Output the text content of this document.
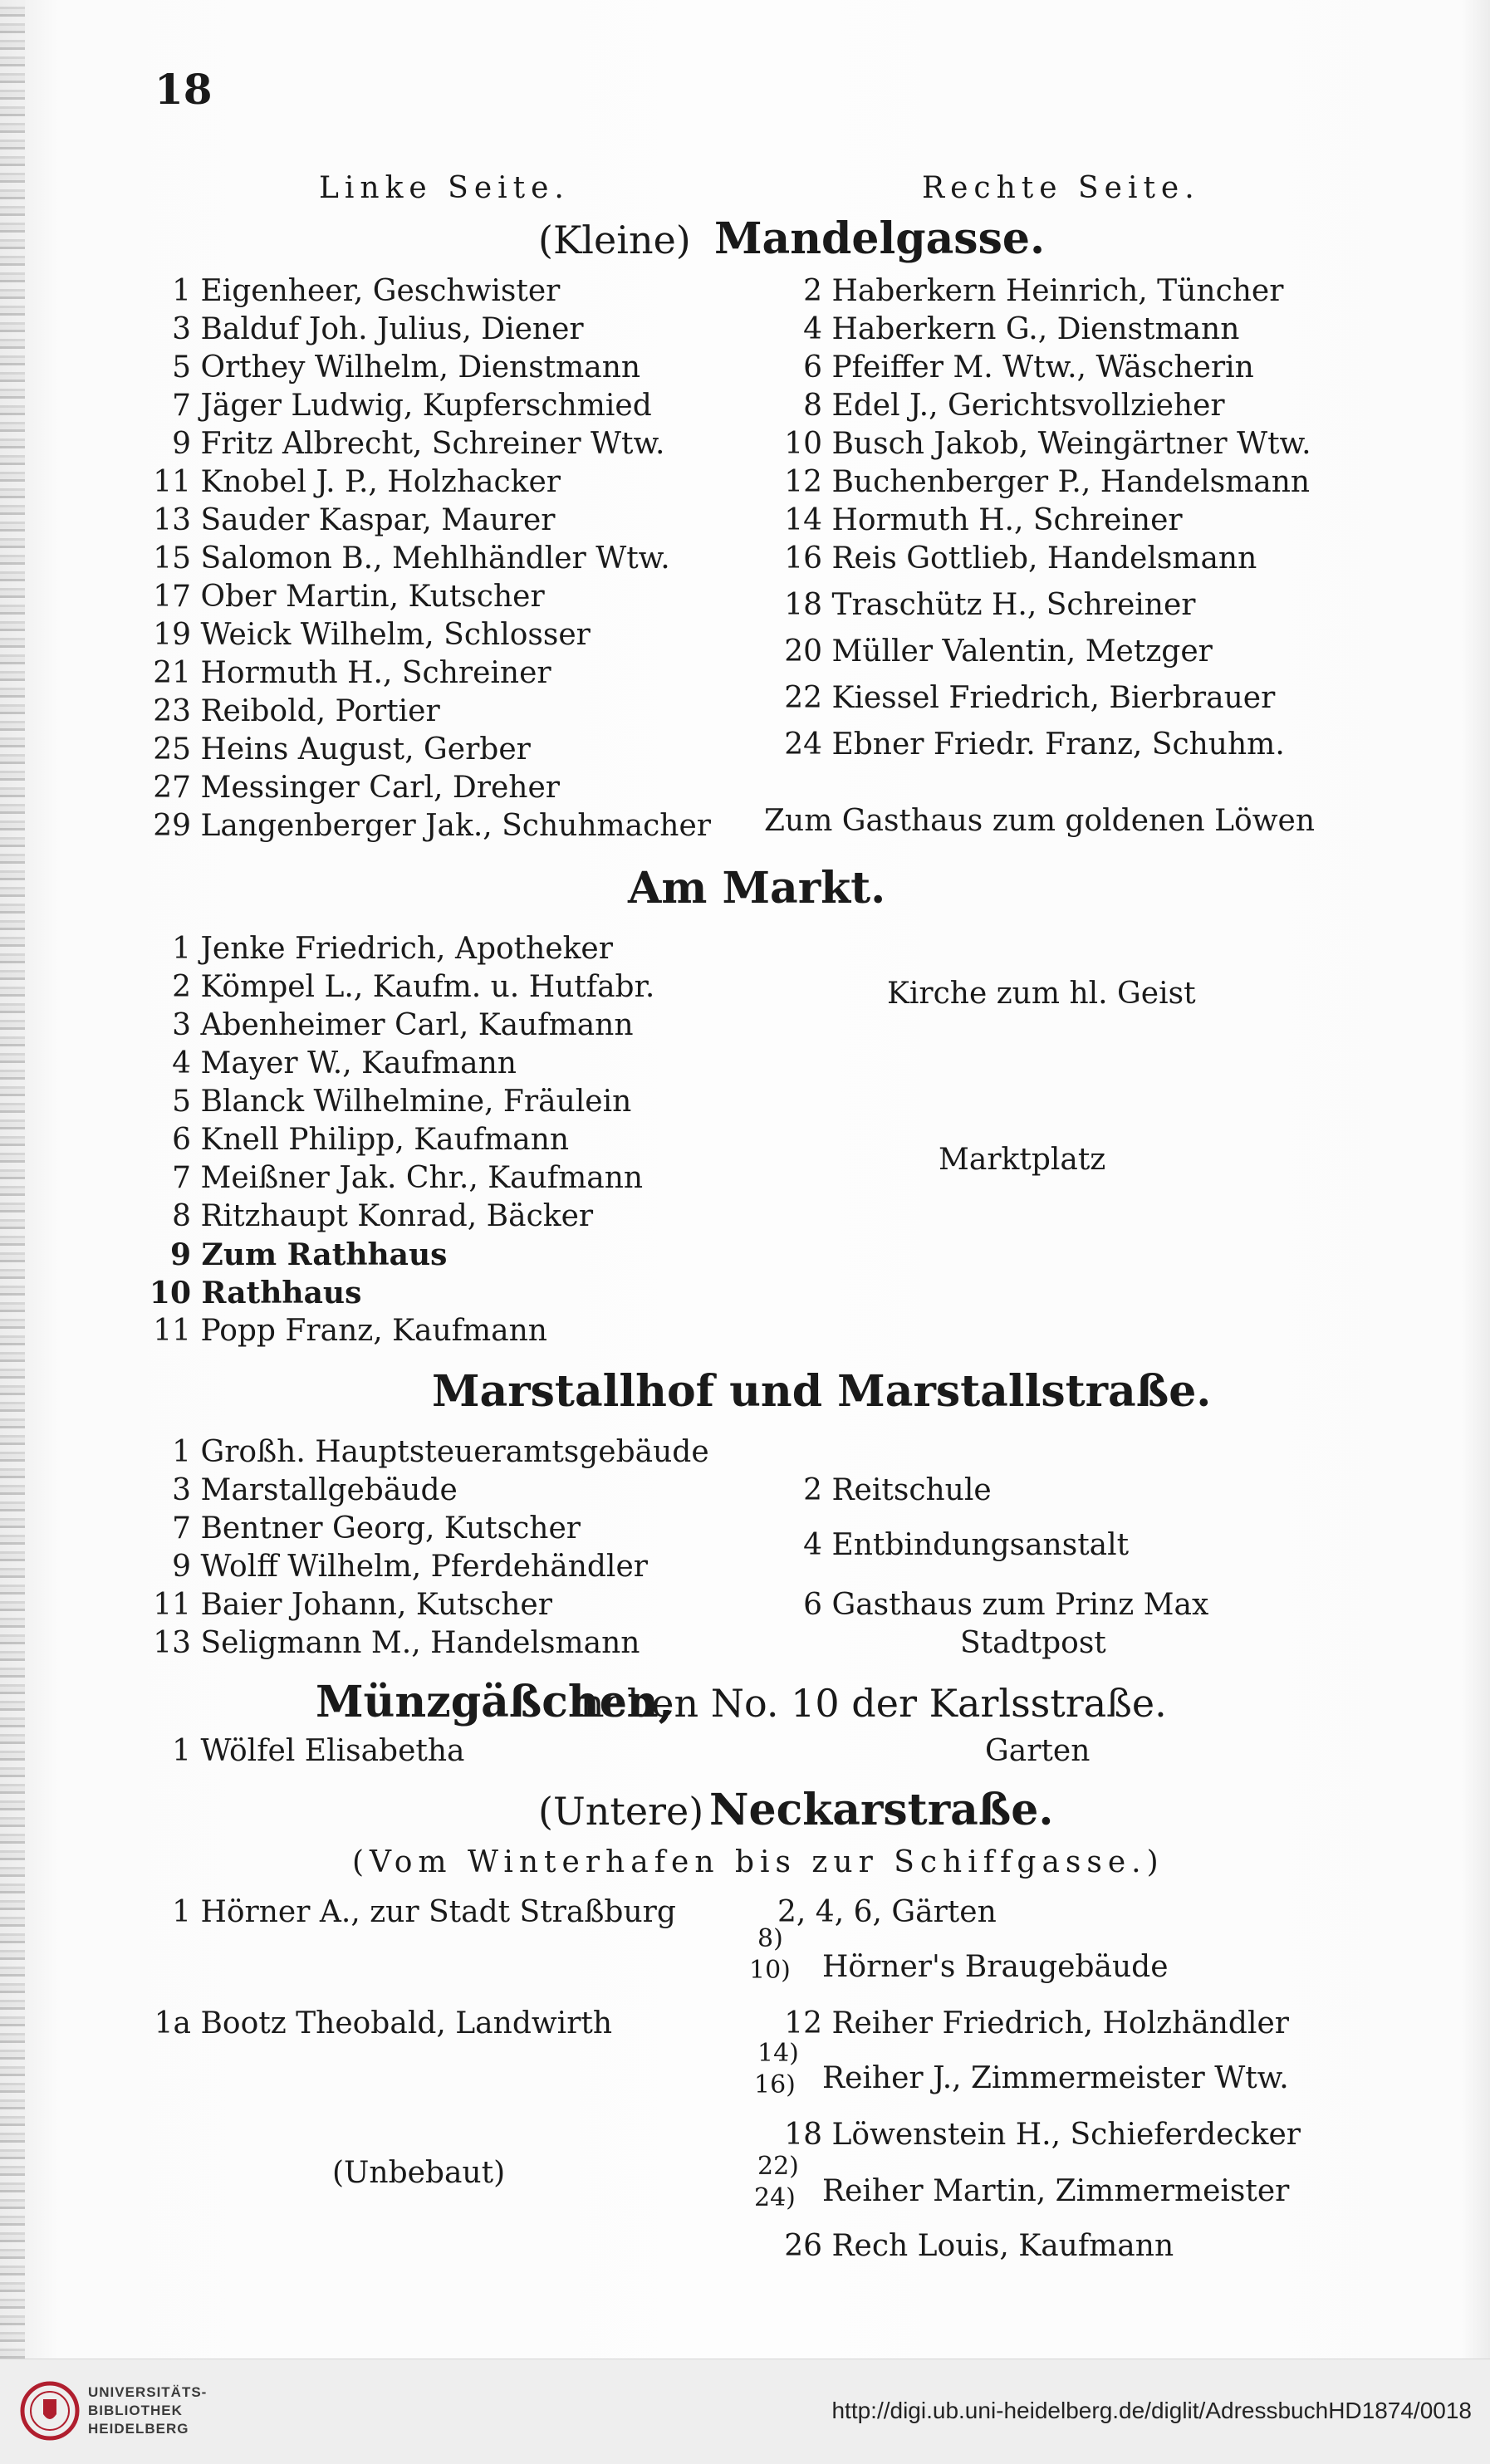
18
Linke Seite.	Rechte Seite.
(Kleine) Mandelgasse.
1 Eigenheer, Geschwister
3 Balduf Joh. Julius, Diener
5 Orthey Wilhelm, Dienstmann
7 Jäger Ludwig, Kupferschmied
9 Fritz Albrecht, Schreiner Wtw.
11 Knobel J. P., Holzhacker
13 Sauder Kaspar, Maurer
15 Salomon B., Mehlhändler Wtw.
17 Ober Martin, Kutscher
19 Weick Wilhelm, Schlosser
21 Hormuth H., Schreiner
23 Reibold, Portier
25 Heins August, Gerber
27 Messinger Carl, Dreher
29 Langenberger Jak., Schuhmacher
2 Haberkern Heinrich, Tüncher
4 Haberkern G., Dienstmann
6 Pfeiffer M. Wtw., Wäscherin
8 Edel J., Gerichtsvollzieher
10 Busch Jakob, Weingärtner Wtw.
12 Buchenberger P., Handelsmann
14 Hormuth H., Schreiner
16 Reis Gottlieb, Handelsmann
18 Traschütz H., Schreiner
20 Müller Valentin, Metzger
22 Kiessel Friedrich, Bierbrauer
24 Ebner Friedr. Franz, Schuhm.
Zum Gasthaus zum goldenen Löwen
Am Markt.
1 Jenke Friedrich, Apotheker
2 Kömpel L., Kaufm. u. Hutfabr.
3 Abenheimer Carl, Kaufmann
4 Mayer W., Kaufmann
5 Blanck Wilhelmine, Fräulein
6 Knell Philipp, Kaufmann
7 Meißner Jak. Chr., Kaufmann
8 Ritzhaupt Konrad, Bäcker
9 Zum Rathhaus
10 Rathhaus
11 Popp Franz, Kaufmann
Kirche zum hl. Geist
Marktplatz
Marstallhof und Marstallstraße.
1 Großh. Hauptsteueramtsgebäude
3 Marstallgebäude
7 Bentner Georg, Kutscher
9 Wolff Wilhelm, Pferdehändler
11 Baier Johann, Kutscher
13 Seligmann M., Handelsmann
2 Reitschule
4 Entbindungsanstalt
6 Gasthaus zum Prinz Max
Stadtpost
Münzgäßchen,
neben No. 10 der Karlsstraße.
1 Wölfel Elisabetha	Garten
(Untere) Neckarstraße.
(Vom Winterhafen bis zur Schiffgasse.)
1 Hörner A., zur Stadt Straßburg
1a Bootz Theobald, Landwirth
(Unbebaut)
2, 4, 6, Gärten
8)
10) Hörner's Braugebäude
12 Reiher Friedrich, Holzhändler
14)
16) Reiher J., Zimmermeister Wtw.
18 Löwenstein H., Schieferdecker
22)
24) Reiher Martin, Zimmermeister
26 Rech Louis, Kaufmann
UNIVERSITÄTS-
BIBLIOTHEK
HEIDELBERG
http://digi.ub.uni-heidelberg.de/diglit/AdressbuchHD1874/0018
